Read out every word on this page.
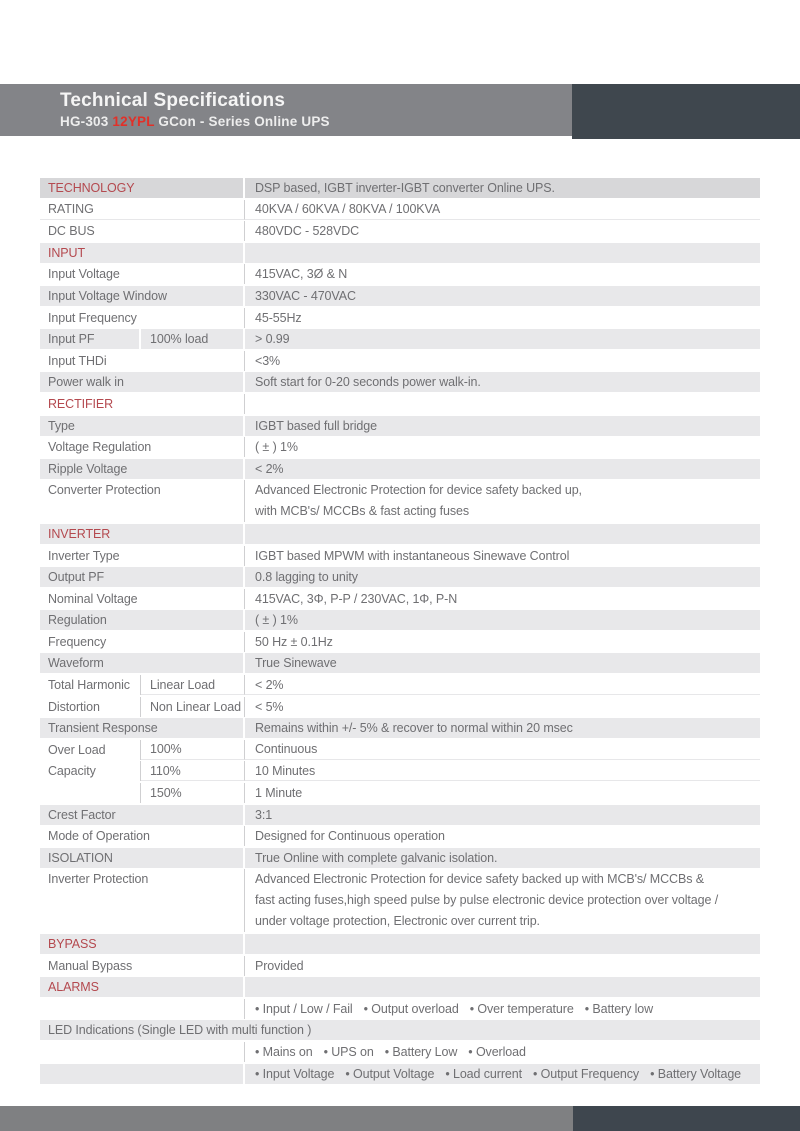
Technical Specifications
HG-303 12YPL GCon - Series Online UPS
TECHNOLOGY	DSP based, IGBT inverter-IGBT converter Online UPS.
RATING	40KVA / 60KVA / 80KVA / 100KVA
DC BUS	480VDC - 528VDC
INPUT
Input Voltage	415VAC, 3Ø & N
Input Voltage Window	330VAC - 470VAC
Input Frequency	45-55Hz
Input PF	100% load	> 0.99
Input THDi	<3%
Power walk in	Soft start for 0-20 seconds power walk-in.
RECTIFIER
Type	IGBT based full bridge
Voltage Regulation	( ± ) 1%
Ripple Voltage	< 2%
Converter Protection	Advanced Electronic Protection for device safety backed up,
with MCB's/ MCCBs & fast acting fuses
INVERTER
Inverter Type	IGBT based MPWM with instantaneous Sinewave Control
Output PF	0.8 lagging to unity
Nominal Voltage	415VAC, 3Φ, P-P / 230VAC, 1Φ, P-N
Regulation	( ± ) 1%
Frequency	50 Hz ± 0.1Hz
Waveform	True Sinewave
Total Harmonic	Linear Load	< 2%
Distortion	Non Linear Load	< 5%
Transient Response	Remains within +/- 5% & recover to normal within 20 msec
Over Load	100%	Continuous
Capacity	110%	10 Minutes
150%	1 Minute
Crest Factor	3:1
Mode of Operation	Designed for Continuous operation
ISOLATION	True Online with complete galvanic isolation.
Inverter Protection	Advanced Electronic Protection for device safety backed up with MCB's/ MCCBs &
fast acting fuses,high speed pulse by pulse electronic device protection over voltage /
under voltage protection, Electronic over current trip.
BYPASS
Manual Bypass	Provided
ALARMS
• Input / Low / Fail	• Output overload	• Over temperature	• Battery low
LED Indications (Single LED with multi function )
• Mains on	• UPS on	• Battery Low	• Overload
• Input Voltage	• Output Voltage	• Load current	• Output Frequency	• Battery Voltage
